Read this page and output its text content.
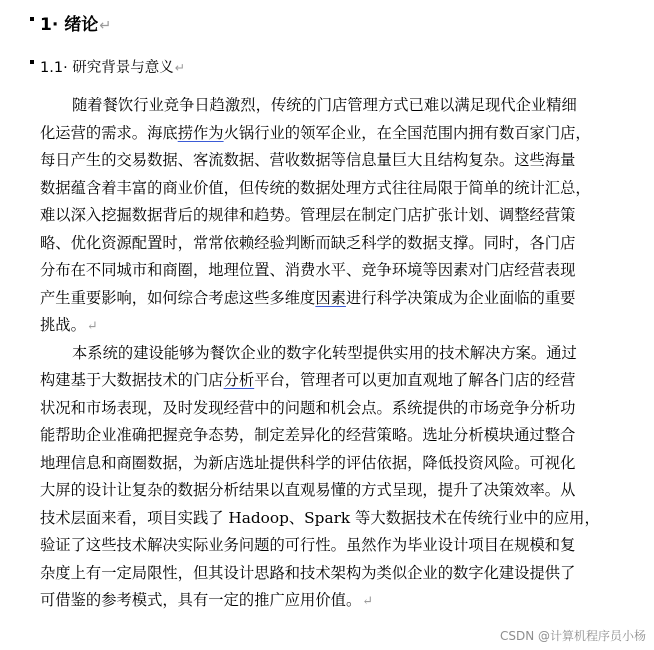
1· 绪论↵
1.1· 研究背景与意义↵
随着餐饮行业竞争日趋激烈，传统的门店管理方式已难以满足现代企业精细
化运营的需求。海底捞作为火锅行业的领军企业，在全国范围内拥有数百家门店，
每日产生的交易数据、客流数据、营收数据等信息量巨大且结构复杂。这些海量
数据蕴含着丰富的商业价值，但传统的数据处理方式往往局限于简单的统计汇总，
难以深入挖掘数据背后的规律和趋势。管理层在制定门店扩张计划、调整经营策
略、优化资源配置时，常常依赖经验判断而缺乏科学的数据支撑。同时，各门店
分布在不同城市和商圈，地理位置、消费水平、竞争环境等因素对门店经营表现
产生重要影响，如何综合考虑这些多维度因素进行科学决策成为企业面临的重要
挑战。↵
本系统的建设能够为餐饮企业的数字化转型提供实用的技术解决方案。通过
构建基于大数据技术的门店分析平台，管理者可以更加直观地了解各门店的经营
状况和市场表现，及时发现经营中的问题和机会点。系统提供的市场竞争分析功
能帮助企业准确把握竞争态势，制定差异化的经营策略。选址分析模块通过整合
地理信息和商圈数据，为新店选址提供科学的评估依据，降低投资风险。可视化
大屏的设计让复杂的数据分析结果以直观易懂的方式呈现，提升了决策效率。从
技术层面来看，项目实践了 Hadoop、Spark 等大数据技术在传统行业中的应用，
验证了这些技术解决实际业务问题的可行性。虽然作为毕业设计项目在规模和复
杂度上有一定局限性，但其设计思路和技术架构为类似企业的数字化建设提供了
可借鉴的参考模式，具有一定的推广应用价值。↵
CSDN @计算机程序员小杨
